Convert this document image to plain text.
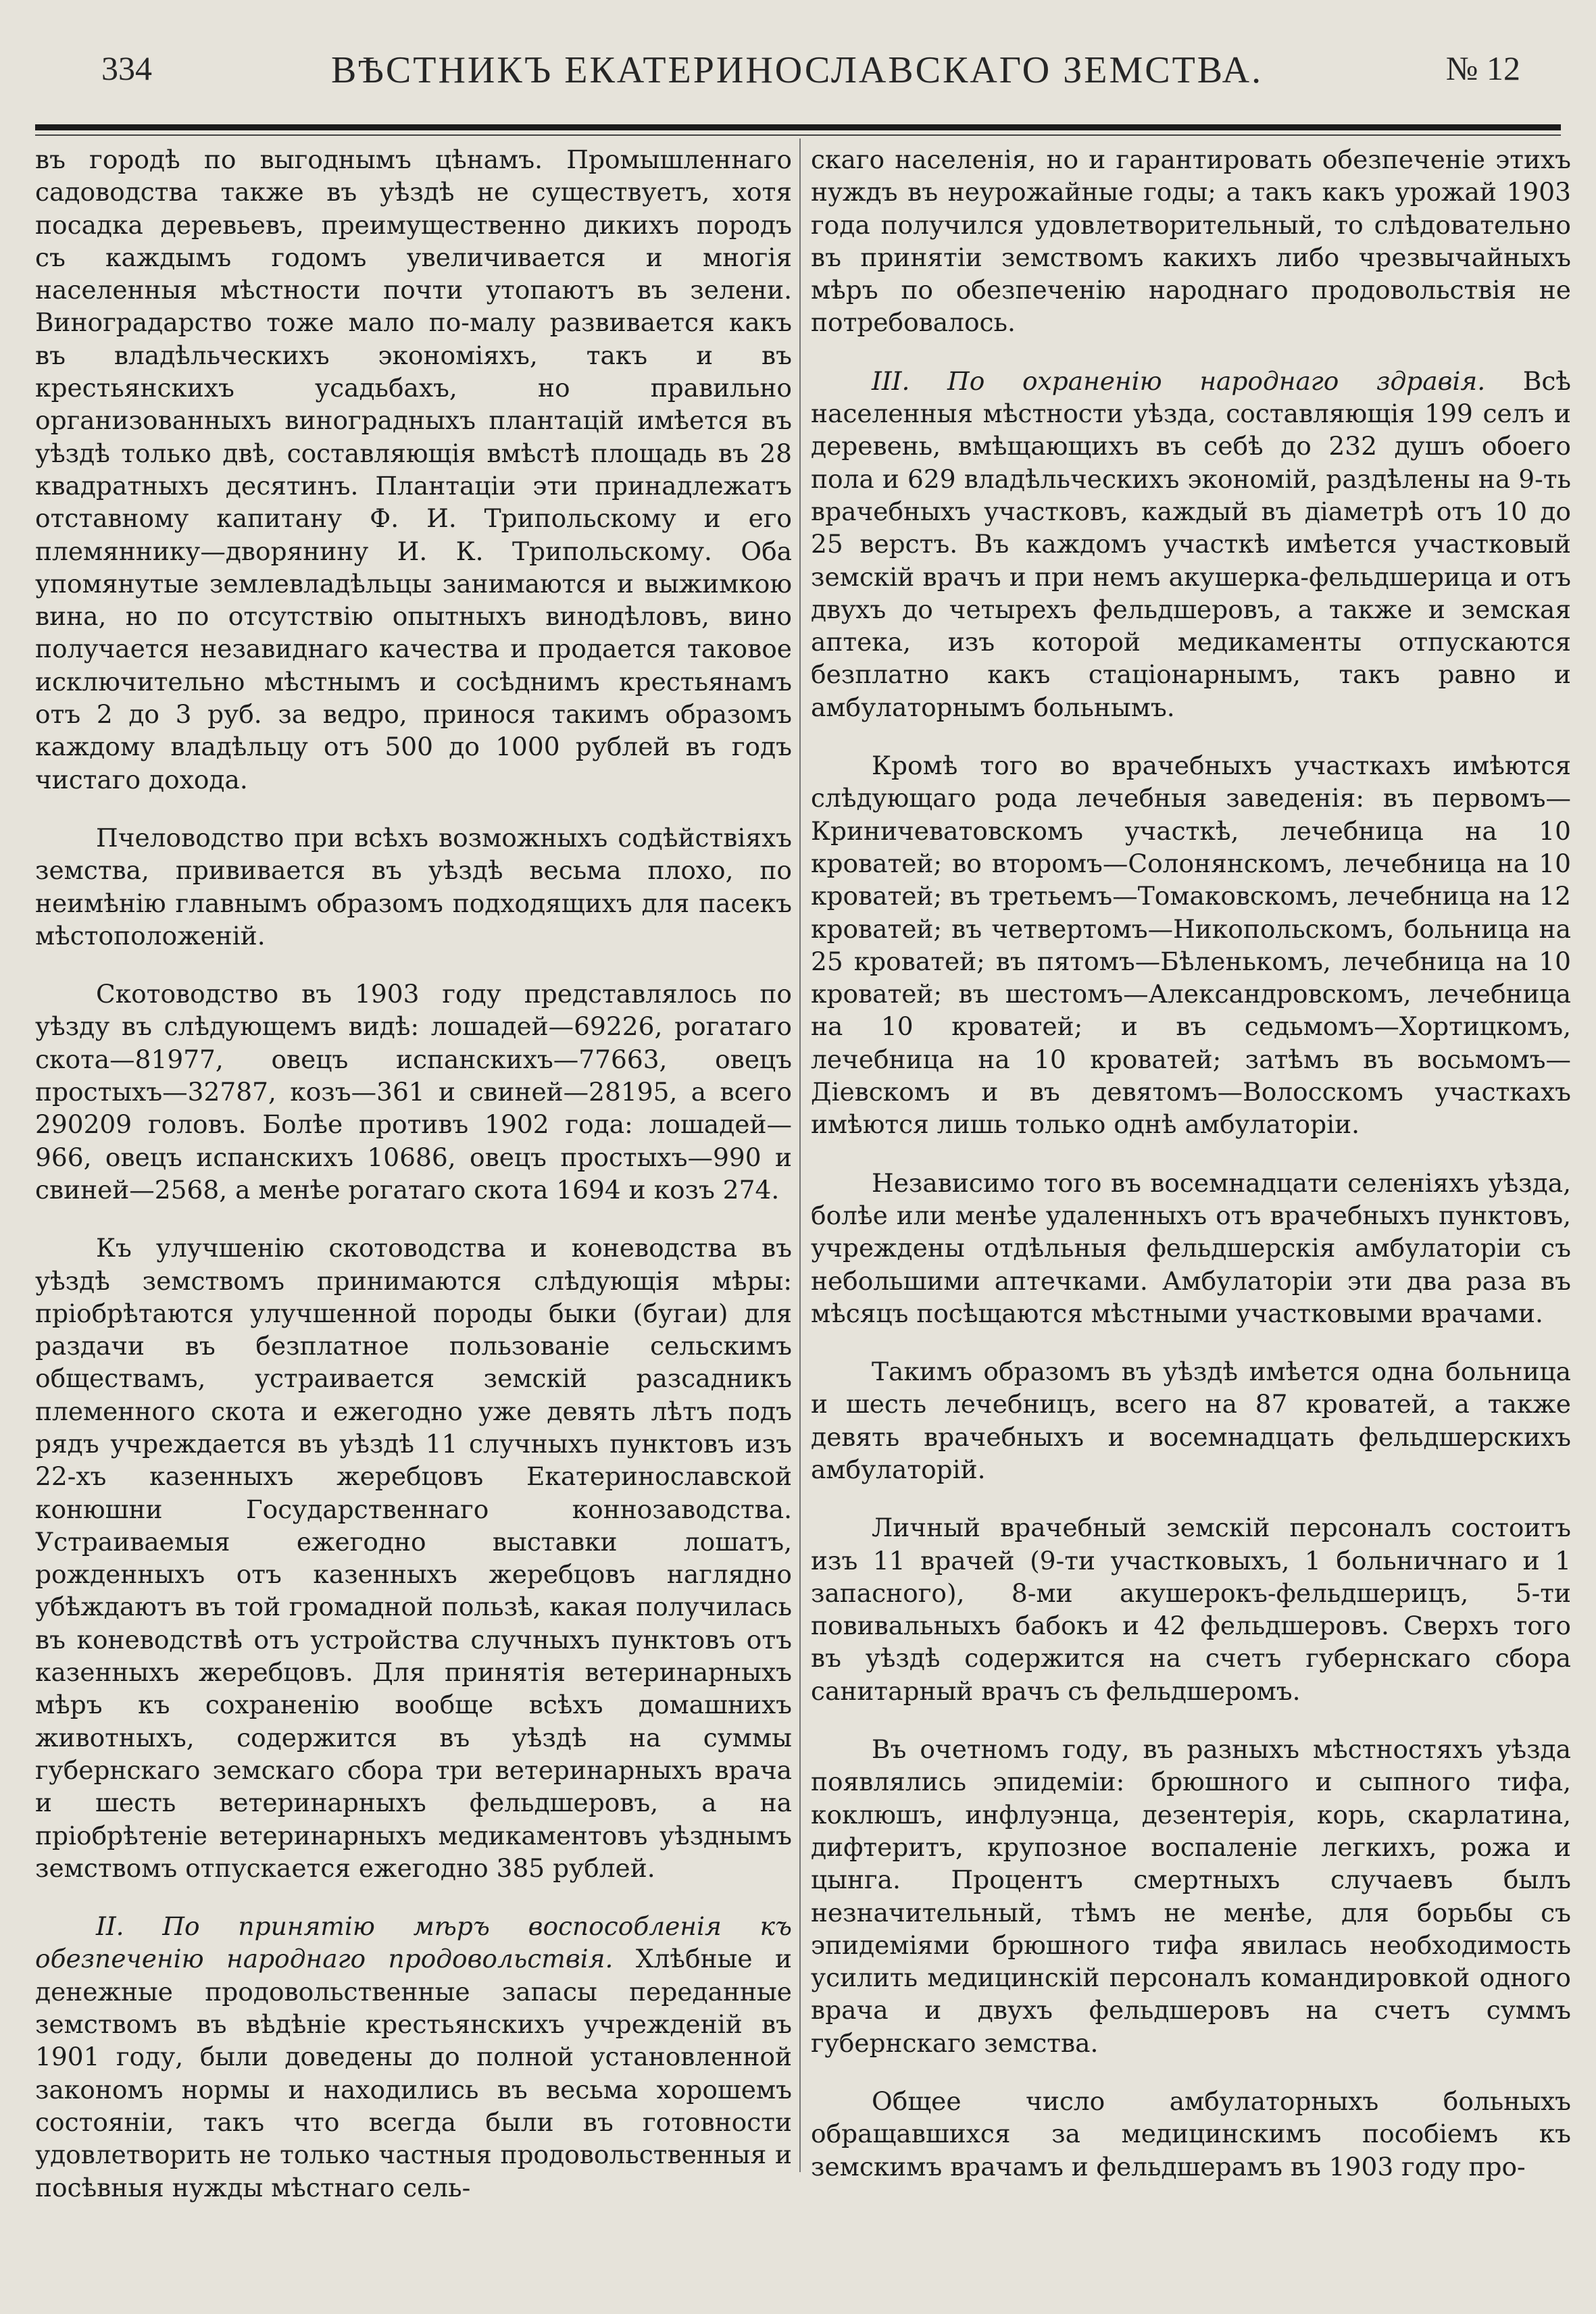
334	ВѢСТНИКЪ ЕКАТЕРИНОСЛАВСКАГО ЗЕМСТВА.	№ 12

въ городѣ по выгоднымъ цѣнамъ. Промышленнаго садоводства также въ уѣздѣ не существуетъ, хотя посадка деревьевъ, преимущественно дикихъ породъ съ каждымъ годомъ увеличивается и многія населенныя мѣстности почти утопаютъ въ зелени. Виноградарство тоже мало по-малу развивается какъ въ владѣльческихъ экономіяхъ, такъ и въ крестьянскихъ усадьбахъ, но правильно организованныхъ виноградныхъ плантацій имѣется въ уѣздѣ только двѣ, составляющія вмѣстѣ площадь въ 28 квадратныхъ десятинъ. Плантаціи эти принадлежатъ отставному капитану Ф. И. Трипольскому и его племяннику—дворянину И. К. Трипольскому. Оба упомянутые землевладѣльцы занимаются и выжимкою вина, но по отсутствію опытныхъ винодѣловъ, вино получается незавиднаго качества и продается таковое исключительно мѣстнымъ и сосѣднимъ крестьянамъ отъ 2 до 3 руб. за ведро, принося такимъ образомъ каждому владѣльцу отъ 500 до 1000 рублей въ годъ чистаго дохода.

Пчеловодство при всѣхъ возможныхъ содѣйствіяхъ земства, прививается въ уѣздѣ весьма плохо, по неимѣнію главнымъ образомъ подходящихъ для пасекъ мѣстоположеній.

Скотоводство въ 1903 году представлялось по уѣзду въ слѣдующемъ видѣ: лошадей—69226, рогатаго скота—81977, овецъ испанскихъ—77663, овецъ простыхъ—32787, козъ—361 и свиней—28195, а всего 290209 головъ. Болѣе противъ 1902 года: лошадей—966, овецъ испанскихъ 10686, овецъ простыхъ—990 и свиней—2568, а менѣе рогатаго скота 1694 и козъ 274.

Къ улучшенію скотоводства и коневодства въ уѣздѣ земствомъ принимаются слѣдующія мѣры: пріобрѣтаются улучшенной породы быки (бугаи) для раздачи въ безплатное пользованіе сельскимъ обществамъ, устраивается земскій разсадникъ племенного скота и ежегодно уже девять лѣтъ подъ рядъ учреждается въ уѣздѣ 11 случныхъ пунктовъ изъ 22-хъ казенныхъ жеребцовъ Екатеринославской конюшни Государственнаго коннозаводства. Устраиваемыя ежегодно выставки лошатъ, рожденныхъ отъ казенныхъ жеребцовъ наглядно убѣждаютъ въ той громадной пользѣ, какая получилась въ коневодствѣ отъ устройства случныхъ пунктовъ отъ казенныхъ жеребцовъ. Для принятія ветеринарныхъ мѣръ къ сохраненію вообще всѣхъ домашнихъ животныхъ, содержится въ уѣздѣ на суммы губернскаго земскаго сбора три ветеринарныхъ врача и шесть ветеринарныхъ фельдшеровъ, а на пріобрѣтеніе ветеринарныхъ медикаментовъ уѣзднымъ земствомъ отпускается ежегодно 385 рублей.

II. По принятію мѣръ воспособленія къ обезпеченію народнаго продовольствія. Хлѣбные и денежные продовольственные запасы переданные земствомъ въ вѣдѣніе крестьянскихъ учрежденій въ 1901 году, были доведены до полной установленной закономъ нормы и находились въ весьма хорошемъ состояніи, такъ что всегда были въ готовности удовлетворить не только частныя продовольственныя и посѣвныя нужды мѣстнаго сель-

скаго населенія, но и гарантировать обезпеченіе этихъ нуждъ въ неурожайные годы; а такъ какъ урожай 1903 года получился удовлетворительный, то слѣдовательно въ принятіи земствомъ какихъ либо чрезвычайныхъ мѣръ по обезпеченію народнаго продовольствія не потребовалось.

III. По охраненію народнаго здравія. Всѣ населенныя мѣстности уѣзда, составляющія 199 селъ и деревень, вмѣщающихъ въ себѣ до 232 душъ обоего пола и 629 владѣльческихъ экономій, раздѣлены на 9-ть врачебныхъ участковъ, каждый въ діаметрѣ отъ 10 до 25 верстъ. Въ каждомъ участкѣ имѣется участковый земскій врачъ и при немъ акушерка-фельдшерица и отъ двухъ до четырехъ фельдшеровъ, а также и земская аптека, изъ которой медикаменты отпускаются безплатно какъ стаціонарнымъ, такъ равно и амбулаторнымъ больнымъ.

Кромѣ того во врачебныхъ участкахъ имѣются слѣдующаго рода лечебныя заведенія: въ первомъ—Криничеватовскомъ участкѣ, лечебница на 10 кроватей; во второмъ—Солонянскомъ, лечебница на 10 кроватей; въ третьемъ—Томаковскомъ, лечебница на 12 кроватей; въ четвертомъ—Никопольскомъ, больница на 25 кроватей; въ пятомъ—Бѣленькомъ, лечебница на 10 кроватей; въ шестомъ—Александровскомъ, лечебница на 10 кроватей; и въ седьмомъ—Хортицкомъ, лечебница на 10 кроватей; затѣмъ въ восьмомъ—Діевскомъ и въ девятомъ—Волосскомъ участкахъ имѣются лишь только однѣ амбулаторіи.

Независимо того въ восемнадцати селеніяхъ уѣзда, болѣе или менѣе удаленныхъ отъ врачебныхъ пунктовъ, учреждены отдѣльныя фельдшерскія амбулаторіи съ небольшими аптечками. Амбулаторіи эти два раза въ мѣсяцъ посѣщаются мѣстными участковыми врачами.

Такимъ образомъ въ уѣздѣ имѣется одна больница и шесть лечебницъ, всего на 87 кроватей, а также девять врачебныхъ и восемнадцать фельдшерскихъ амбулаторій.

Личный врачебный земскій персоналъ состоитъ изъ 11 врачей (9-ти участковыхъ, 1 больничнаго и 1 запасного), 8-ми акушерокъ-фельдшерицъ, 5-ти повивальныхъ бабокъ и 42 фельдшеровъ. Сверхъ того въ уѣздѣ содержится на счетъ губернскаго сбора санитарный врачъ съ фельдшеромъ.

Въ очетномъ году, въ разныхъ мѣстностяхъ уѣзда появлялись эпидеміи: брюшного и сыпного тифа, коклюшъ, инфлуэнца, дезентерія, корь, скарлатина, дифтеритъ, крупозное воспаленіе легкихъ, рожа и цынга. Процентъ смертныхъ случаевъ былъ незначительный, тѣмъ не менѣе, для борьбы съ эпидеміями брюшного тифа явилась необходимость усилить медицинскій персоналъ командировкой одного врача и двухъ фельдшеровъ на счетъ суммъ губернскаго земства.

Общее число амбулаторныхъ больныхъ обращавшихся за медицинскимъ пособіемъ къ земскимъ врачамъ и фельдшерамъ въ 1903 году про-
